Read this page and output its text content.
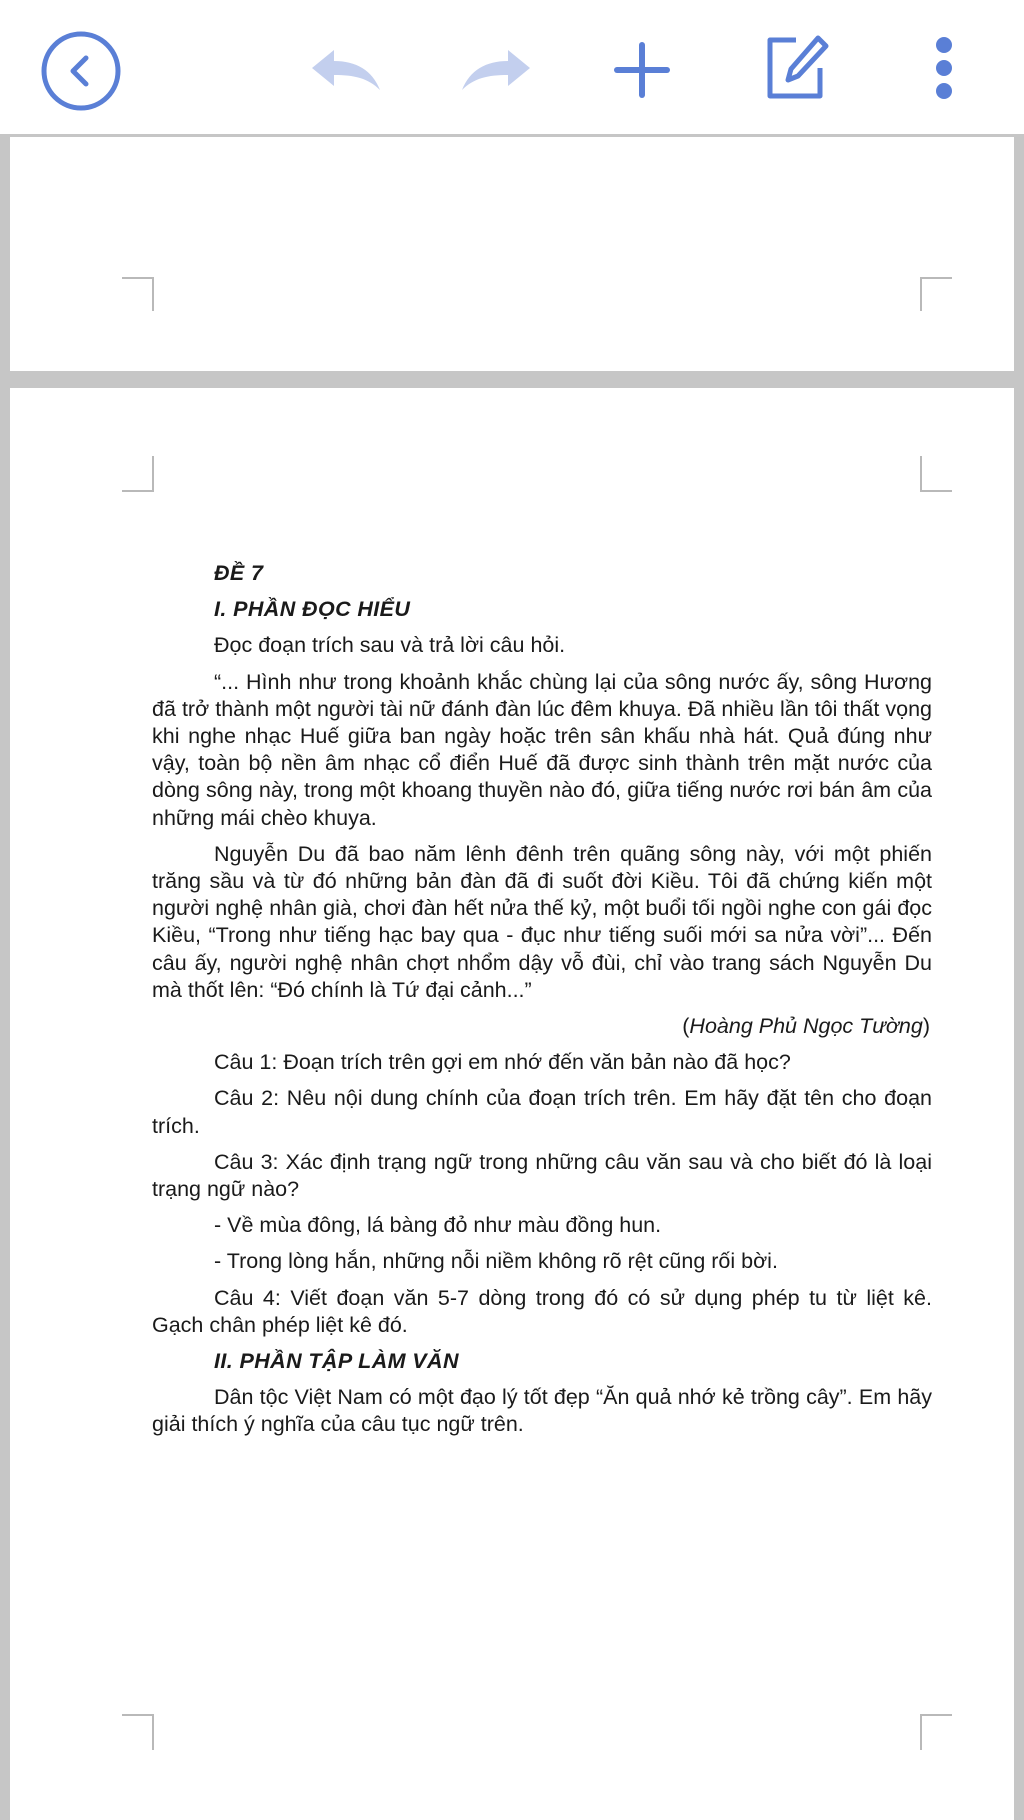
ĐỀ 7

I. PHẦN ĐỌC HIỂU

Đọc đoạn trích sau và trả lời câu hỏi.

“... Hình như trong khoảnh khắc chùng lại của sông nước ấy, sông Hương đã trở thành một người tài nữ đánh đàn lúc đêm khuya. Đã nhiều lần tôi thất vọng khi nghe nhạc Huế giữa ban ngày hoặc trên sân khấu nhà hát. Quả đúng như vậy, toàn bộ nền âm nhạc cổ điển Huế đã được sinh thành trên mặt nước của dòng sông này, trong một khoang thuyền nào đó, giữa tiếng nước rơi bán âm của những mái chèo khuya.

Nguyễn Du đã bao năm lênh đênh trên quãng sông này, với một phiến trăng sầu và từ đó những bản đàn đã đi suốt đời Kiều. Tôi đã chứng kiến một người nghệ nhân già, chơi đàn hết nửa thế kỷ, một buổi tối ngồi nghe con gái đọc Kiều, “Trong như tiếng hạc bay qua - đục như tiếng suối mới sa nửa vời”... Đến câu ấy, người nghệ nhân chợt nhổm dậy vỗ đùi, chỉ vào trang sách Nguyễn Du mà thốt lên: “Đó chính là Tứ đại cảnh...”

(Hoàng Phủ Ngọc Tường)

Câu 1: Đoạn trích trên gợi em nhớ đến văn bản nào đã học?

Câu 2: Nêu nội dung chính của đoạn trích trên. Em hãy đặt tên cho đoạn trích.

Câu 3: Xác định trạng ngữ trong những câu văn sau và cho biết đó là loại trạng ngữ nào?

- Về mùa đông, lá bàng đỏ như màu đồng hun.

- Trong lòng hắn, những nỗi niềm không rõ rệt cũng rối bời.

Câu 4: Viết đoạn văn 5-7 dòng trong đó có sử dụng phép tu từ liệt kê. Gạch chân phép liệt kê đó.

II. PHẦN TẬP LÀM VĂN

Dân tộc Việt Nam có một đạo lý tốt đẹp “Ăn quả nhớ kẻ trồng cây”. Em hãy giải thích ý nghĩa của câu tục ngữ trên.
